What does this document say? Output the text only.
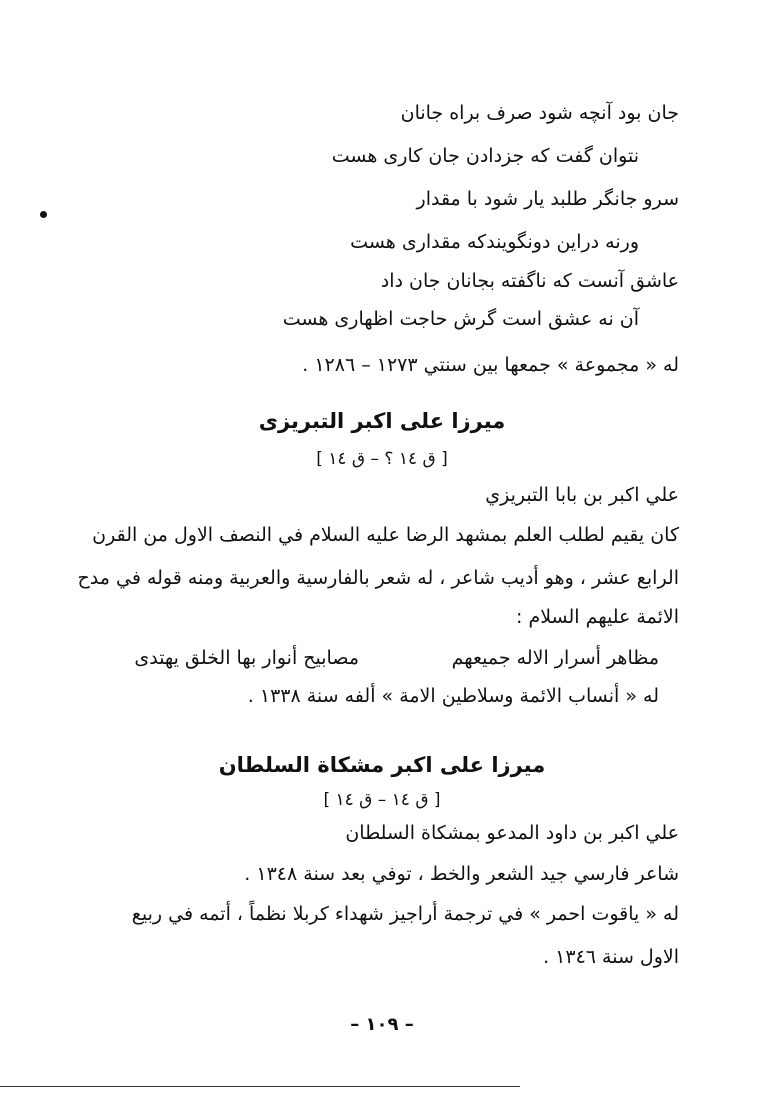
جان بود آنچه شود صرف براه جانان

نتوان گفت که جزدادن جان کاری هست

سرو جانگر طلبد یار شود با مقدار

ورنه دراین دونگویندکه مقداری هست

عاشق آنست که ناگفته بجانان جان داد

آن نه عشق است گرش حاجت اظهاری هست

له « مجموعة » جمعها بين سنتي ١٢٧٣ – ١٢٨٦ .

ميرزا على اكبر التبريزى

[ ق ١٤ ؟ – ق ١٤ ]

علي اكبر بن بابا التبريزي

كان يقيم لطلب العلم بمشهد الرضا عليه السلام في النصف الاول من القرن

الرابع عشر ، وهو أديب شاعر ، له شعر بالفارسية والعربية ومنه قوله في مدح

الائمة عليهم السلام :

مظاهر أسرار الاله جميعهم

مصابيح أنوار بها الخلق يهتدى

له « أنساب الائمة وسلاطين الامة » ألفه سنة ١٣٣٨ .

ميرزا على اكبر مشكاة السلطان

[ ق ١٤ – ق ١٤ ]

علي اكبر بن داود المدعو بمشكاة السلطان

شاعر فارسي جيد الشعر والخط ، توفي بعد سنة ١٣٤٨ .

له « ياقوت احمر » في ترجمة أراجيز شهداء كربلا نظماً ، أتمه في ربيع

الاول سنة ١٣٤٦ .

– ١٠٩ –
